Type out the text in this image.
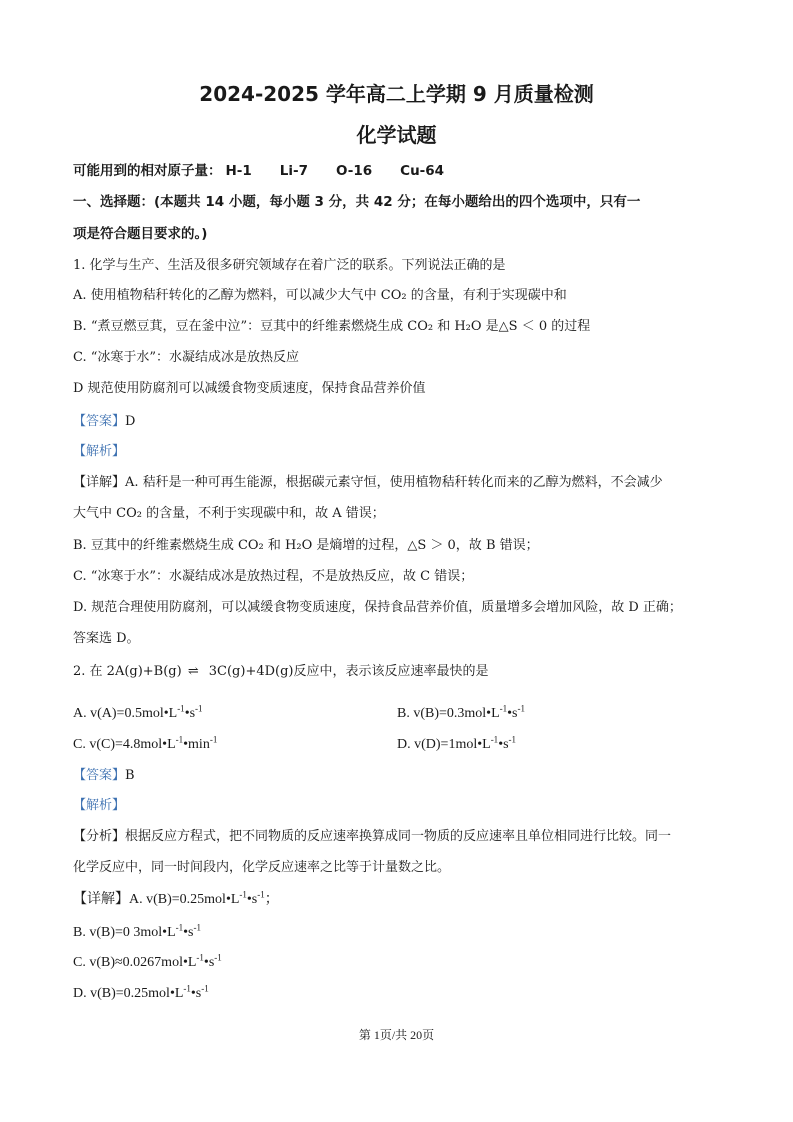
2024-2025 学年高二上学期 9 月质量检测
化学试题
可能用到的相对原子量： H-1 Li-7 O-16 Cu-64
一、选择题：(本题共 14 小题，每小题 3 分，共 42 分；在每小题给出的四个选项中，只有一
项是符合题目要求的。)
1. 化学与生产、生活及很多研究领域存在着广泛的联系。下列说法正确的是
A. 使用植物秸秆转化的乙醇为燃料，可以减少大气中 CO₂ 的含量，有利于实现碳中和
B. “煮豆燃豆萁，豆在釜中泣”：豆萁中的纤维素燃烧生成 CO₂ 和 H₂O 是△S ＜ 0 的过程
C. “冰寒于水”：水凝结成冰是放热反应
D 规范使用防腐剂可以减缓食物变质速度，保持食品营养价值
【答案】D
【解析】
【详解】A. 秸秆是一种可再生能源，根据碳元素守恒，使用植物秸秆转化而来的乙醇为燃料，不会减少
大气中 CO₂ 的含量，不利于实现碳中和，故 A 错误；
B. 豆萁中的纤维素燃烧生成 CO₂ 和 H₂O 是熵增的过程，△S ＞ 0，故 B 错误；
C. “冰寒于水”：水凝结成冰是放热过程，不是放热反应，故 C 错误；
D. 规范合理使用防腐剂，可以减缓食物变质速度，保持食品营养价值，质量增多会增加风险，故 D 正确；
答案选 D。
2. 在 2A(g)+B(g) ⇌ 3C(g)+4D(g)反应中，表示该反应速率最快的是
A. $v(A)=0.5mol•L^{-1}•s^{-1}$	B. $v(B)=0.3mol•L^{-1}•s^{-1}$
C. $v(C)=4.8mol•L^{-1}•\min^{-1}$	D. $v(D)=1mol•L^{-1}•s^{-1}$
【答案】B
【解析】
【分析】根据反应方程式，把不同物质的反应速率换算成同一物质的反应速率且单位相同进行比较。同一
化学反应中，同一时间段内，化学反应速率之比等于计量数之比。
【详解】A. $v(B)=0.25mol•L^{-1}•s^{-1}$；
B. v(B)=0 $3mol•L^{-1}•s^{-1}$
C. $v(B)\approx 0.0267mol•L^{-1}•s^{-1}$
D. $v(B)=0.25mol•L^{-1}•s^{-1}$
第 1页/共 20页
